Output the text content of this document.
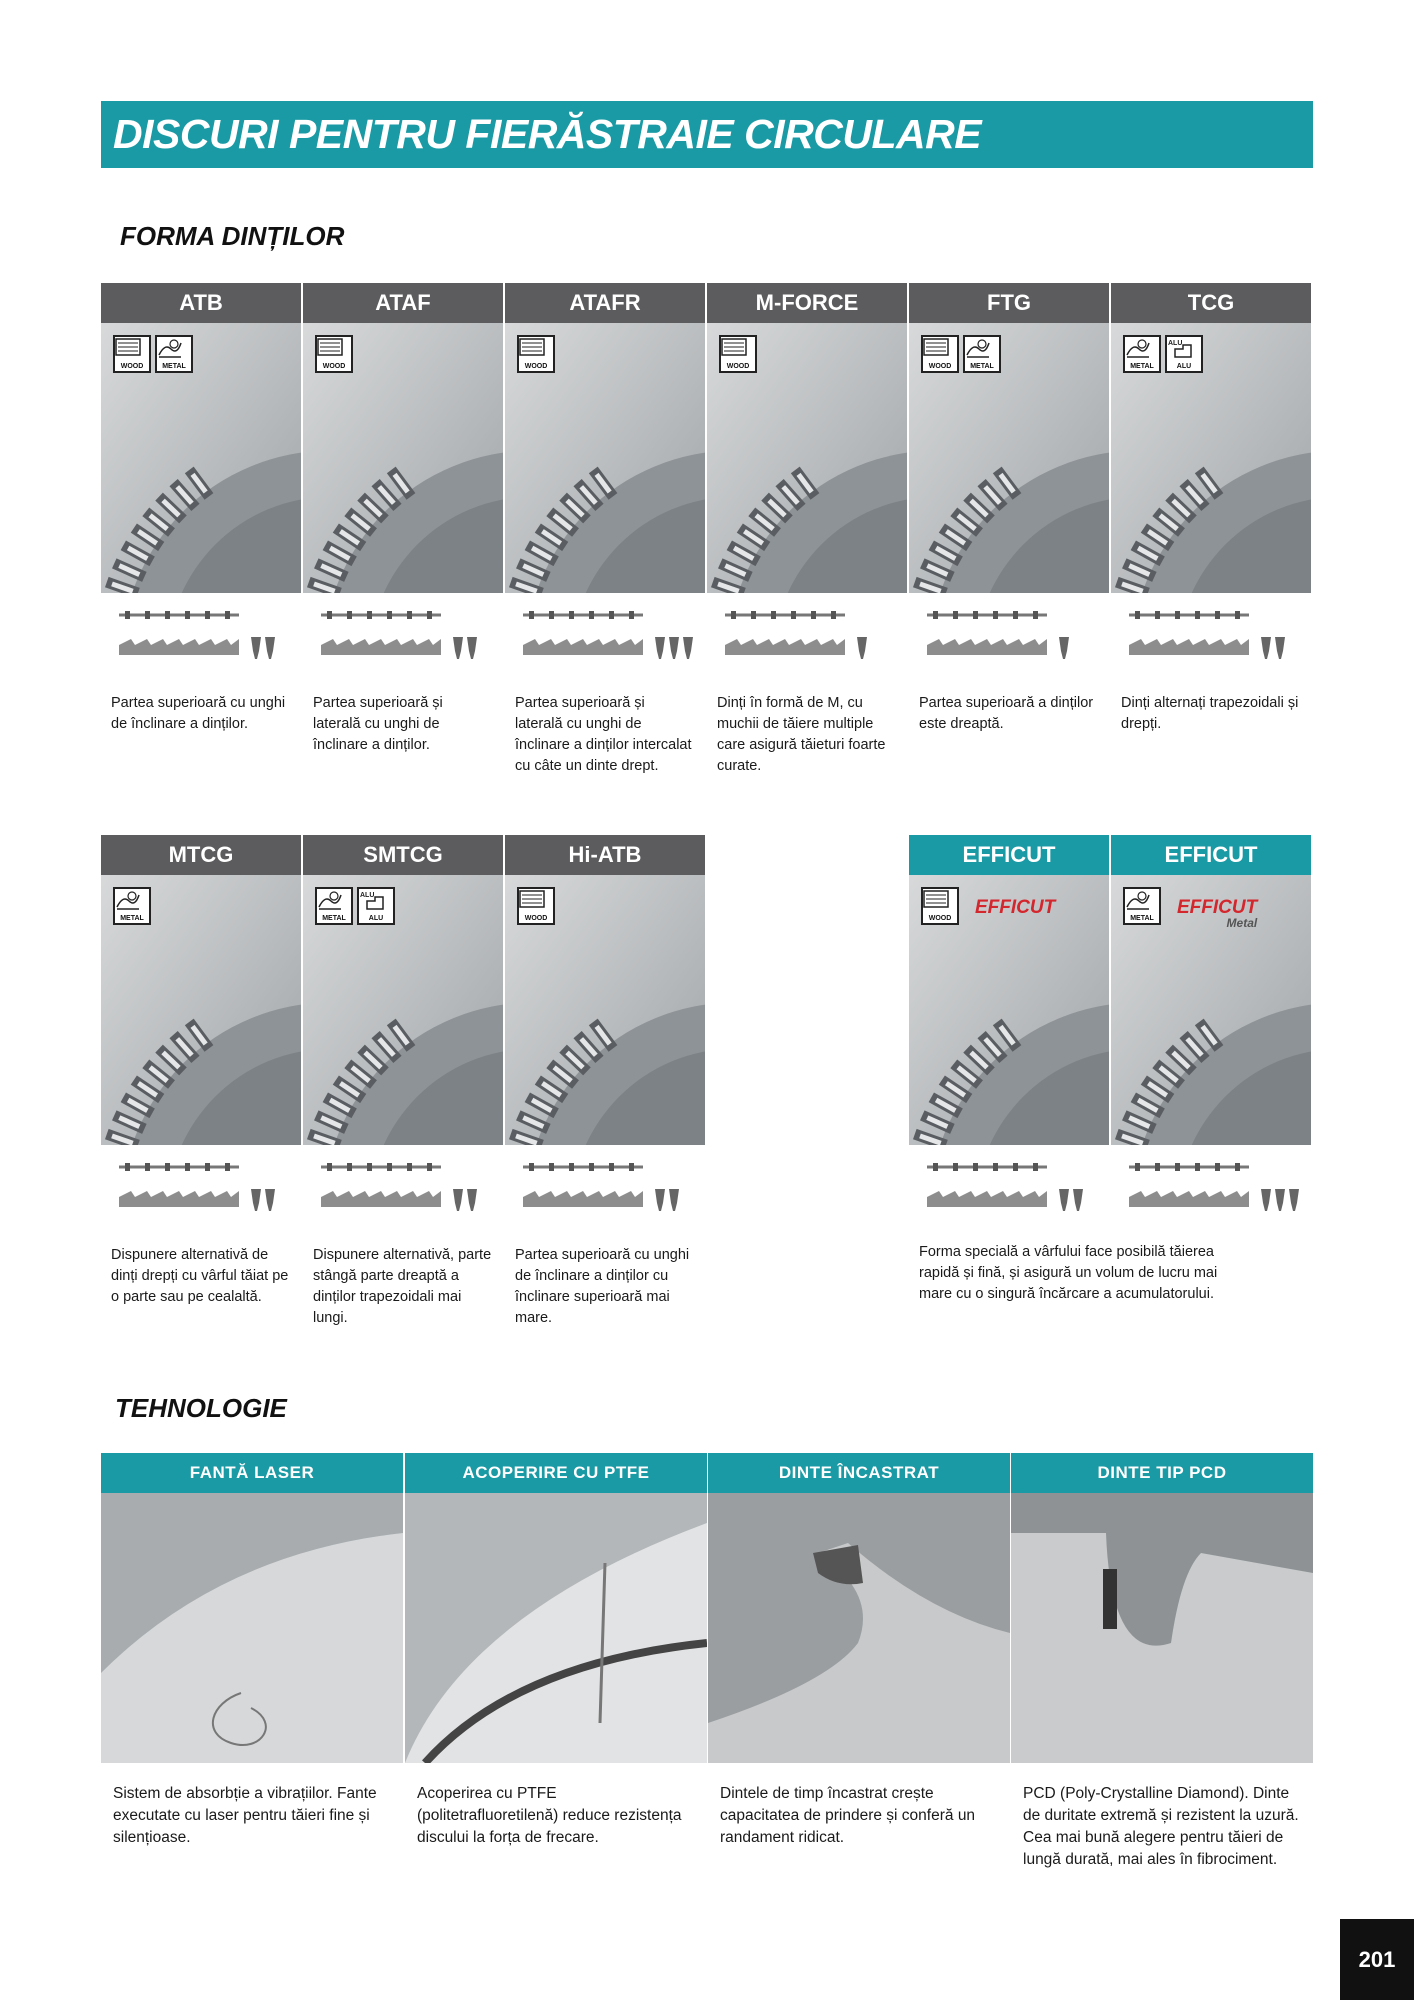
DISCURI PENTRU FIERĂSTRAIE CIRCULARE
FORMA DINȚILOR
ATB
WOOD	METAL

Partea superioară cu unghi de înclinare a dinților.

ATAF
WOOD

Partea superioară și laterală cu unghi de înclinare a dinților.

ATAFR
WOOD

Partea superioară și laterală cu unghi de înclinare a dinților intercalat cu câte un dinte drept.

M-FORCE
WOOD

Dinți în formă de M, cu muchii de tăiere multiple care asigură tăieturi foarte curate.

FTG
WOOD	METAL

Partea superioară a dinților este dreaptă.

TCG
METAL
ALU
ALU

Dinți alternați trapezoidali și drepți.

MTCG
METAL

Dispunere alternativă de dinți drepți cu vârful tăiat pe o parte sau pe cealaltă.

SMTCG
METAL
ALU
ALU

Dispunere alternativă, parte stângă parte dreaptă a dinților trapezoidali mai lungi.

Hi-ATB
WOOD

Partea superioară cu unghi de înclinare a dinților cu înclinare superioară mai mare.

EFFICUT
WOOD
EFFICUT
EFFICUT
METAL
EFFICUT
Metal

Forma specială a vârfului face posibilă tăierea rapidă și fină, și asigură un volum de lucru mai mare cu o singură încărcare a acumulatorului.

TEHNOLOGIE
FANTĂ LASER

Sistem de absorbție a vibrațiilor. Fante executate cu laser pentru tăieri fine și silențioase.

ACOPERIRE CU PTFE

Acoperirea cu PTFE (politetrafluoretilenă) reduce rezistența discului la forța de frecare.

DINTE ÎNCASTRAT

Dintele de timp încastrat crește capacitatea de prindere și conferă un randament ridicat.

DINTE TIP PCD

PCD (Poly-Crystalline Diamond). Dinte de duritate extremă și rezistent la uzură. Cea mai bună alegere pentru tăieri de lungă durată, mai ales în fibrociment.

201
